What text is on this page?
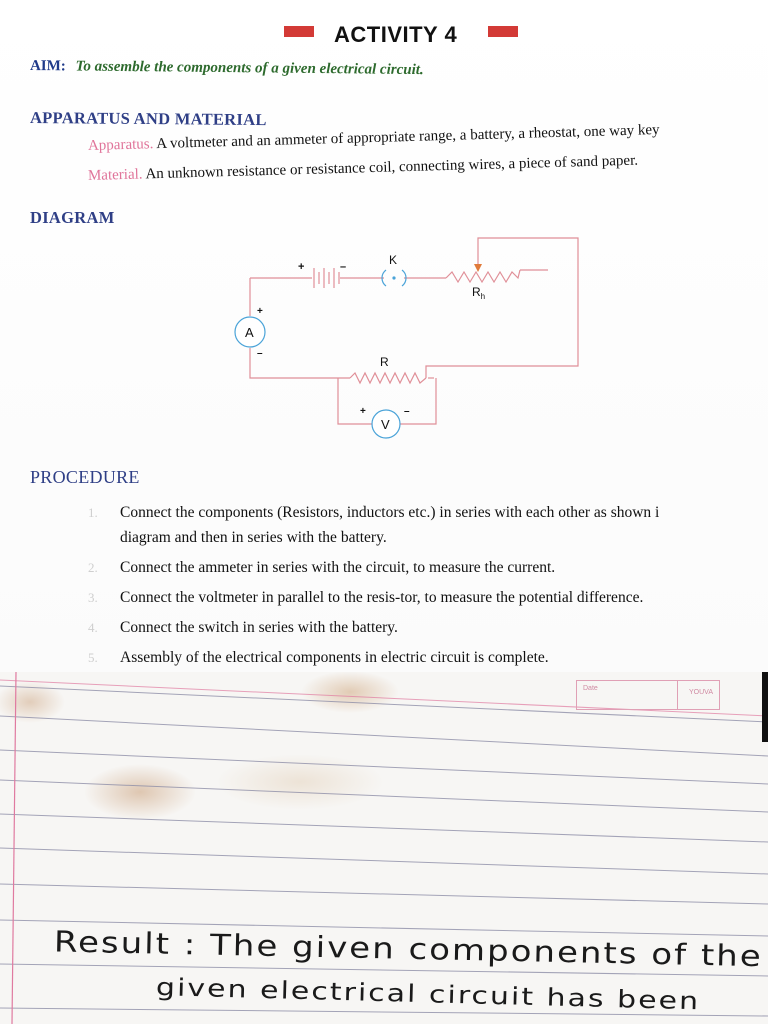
ACTIVITY 4
AIM: To assemble the components of a given electrical circuit.
APPARATUS AND MATERIAL
Apparatus. A voltmeter and an ammeter of appropriate range, a battery, a rheostat, one way key
Material. An unknown resistance or resistance coil, connecting wires, a piece of sand paper.
DIAGRAM
+	–	K
$R_h$
A
+
–
R
V
+	–
PROCEDURE
1. Connect the components (Resistors, inductors etc.) in series with each other as shown i
diagram and then in series with the battery.
2. Connect the ammeter in series with the circuit, to measure the current.
3. Connect the voltmeter in parallel to the resis-tor, to measure the potential difference.
4. Connect the switch in series with the battery.
5. Assembly of the electrical components in electric circuit is complete.
Date
YOUVA
Result : The given components of the
given electrical circuit has been
